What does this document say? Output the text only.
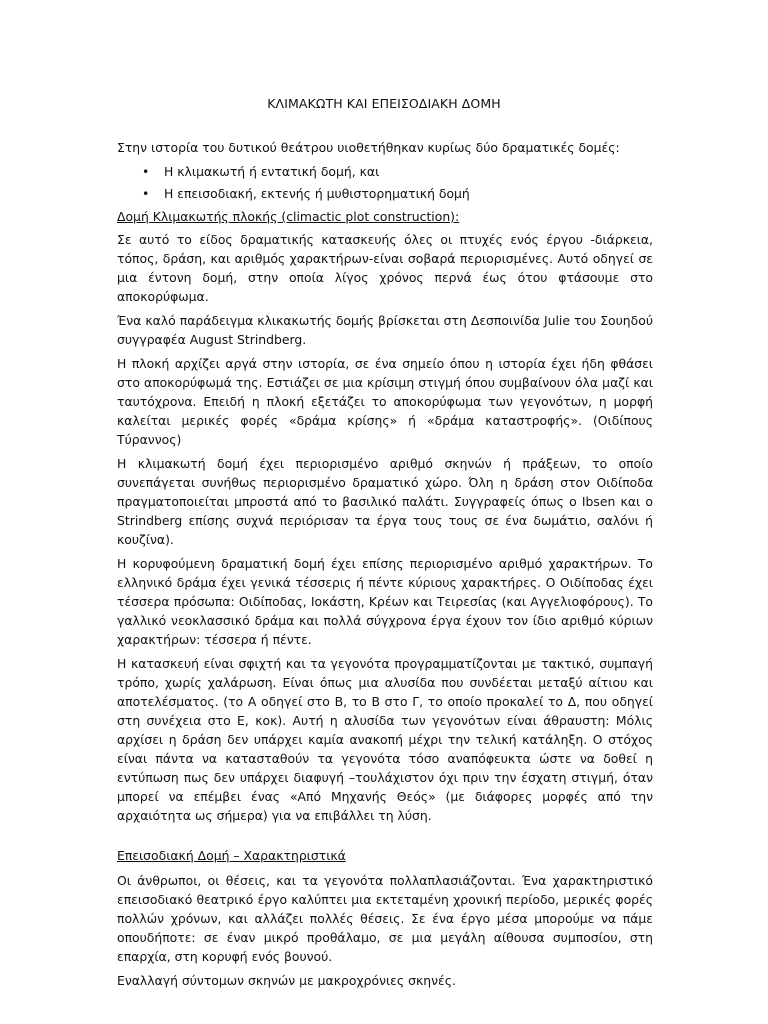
ΚΛΙΜΑΚΩΤΗ ΚΑΙ ΕΠΕΙΣΟΔΙΑΚΗ ΔΟΜΗ

Στην ιστορία του δυτικού θεάτρου υιοθετήθηκαν κυρίως δύο δραματικές δομές:

• Η κλιμακωτή ή εντατική δομή, και
• Η επεισοδιακή, εκτενής ή μυθιστορηματική δομή

Δομή Κλιμακωτής πλοκής (climactic plot construction):

Σε αυτό το είδος δραματικής κατασκευής όλες οι πτυχές ενός έργου -διάρκεια, τόπος, δράση, και αριθμός χαρακτήρων-είναι σοβαρά περιορισμένες. Αυτό οδηγεί σε μια έντονη δομή, στην οποία λίγος χρόνος περνά έως ότου φτάσουμε στο αποκορύφωμα.

Ένα καλό παράδειγμα κλικακωτής δομής βρίσκεται στη Δεσποινίδα Julie του Σουηδού συγγραφέα August Strindberg.

Η πλοκή αρχίζει αργά στην ιστορία, σε ένα σημείο όπου η ιστορία έχει ήδη φθάσει στο αποκορύφωμά της. Εστιάζει σε μια κρίσιμη στιγμή όπου συμβαίνουν όλα μαζί και ταυτόχρονα. Επειδή η πλοκή εξετάζει το αποκορύφωμα των γεγονότων, η μορφή καλείται μερικές φορές «δράμα κρίσης» ή «δράμα καταστροφής». (Οιδίπους Τύραννος)

Η κλιμακωτή δομή έχει περιορισμένο αριθμό σκηνών ή πράξεων, το οποίο συνεπάγεται συνήθως περιορισμένο δραματικό χώρο. Όλη η δράση στον Οιδίποδα πραγματοποιείται μπροστά από το βασιλικό παλάτι. Συγγραφείς όπως ο Ibsen και ο Strindberg επίσης συχνά περιόρισαν τα έργα τους τους σε ένα δωμάτιο, σαλόνι ή κουζίνα).

Η κορυφούμενη δραματική δομή έχει επίσης περιορισμένο αριθμό χαρακτήρων. Το ελληνικό δράμα έχει γενικά τέσσερις ή πέντε κύριους χαρακτήρες. Ο Οιδίποδας έχει τέσσερα πρόσωπα: Οιδίποδας, Ιοκάστη, Κρέων και Τειρεσίας (και Αγγελιοφόρους). Το γαλλικό νεοκλασσικό δράμα και πολλά σύγχρονα έργα έχουν τον ίδιο αριθμό κύριων χαρακτήρων: τέσσερα ή πέντε.

Η κατασκευή είναι σφιχτή και τα γεγονότα προγραμματίζονται με τακτικό, συμπαγή τρόπο, χωρίς χαλάρωση. Είναι όπως μια αλυσίδα που συνδέεται μεταξύ αίτιου και αποτελέσματος. (το Α οδηγεί στο Β, το Β στο Γ, το οποίο προκαλεί το Δ, που οδηγεί στη συνέχεια στο Ε, κοκ). Αυτή η αλυσίδα των γεγονότων είναι άθραυστη: Μόλις αρχίσει η δράση δεν υπάρχει καμία ανακοπή μέχρι την τελική κατάληξη. Ο στόχος είναι πάντα να κατασταθούν τα γεγονότα τόσο αναπόφευκτα ώστε να δοθεί η εντύπωση πως δεν υπάρχει διαφυγή –τουλάχιστον όχι πριν την έσχατη στιγμή, όταν μπορεί να επέμβει ένας «Από Μηχανής Θεός» (με διάφορες μορφές από την αρχαιότητα ως σήμερα) για να επιβάλλει τη λύση.

Επεισοδιακή Δομή – Χαρακτηριστικά

Οι άνθρωποι, οι θέσεις, και τα γεγονότα πολλαπλασιάζονται. Ένα χαρακτηριστικό επεισοδιακό θεατρικό έργο καλύπτει μια εκτεταμένη χρονική περίοδο, μερικές φορές πολλών χρόνων, και αλλάζει πολλές θέσεις. Σε ένα έργο μέσα μπορούμε να πάμε οπουδήποτε: σε έναν μικρό προθάλαμο, σε μια μεγάλη αίθουσα συμποσίου, στη επαρχία, στη κορυφή ενός βουνού.

Εναλλαγή σύντομων σκηνών με μακροχρόνιες σκηνές.
